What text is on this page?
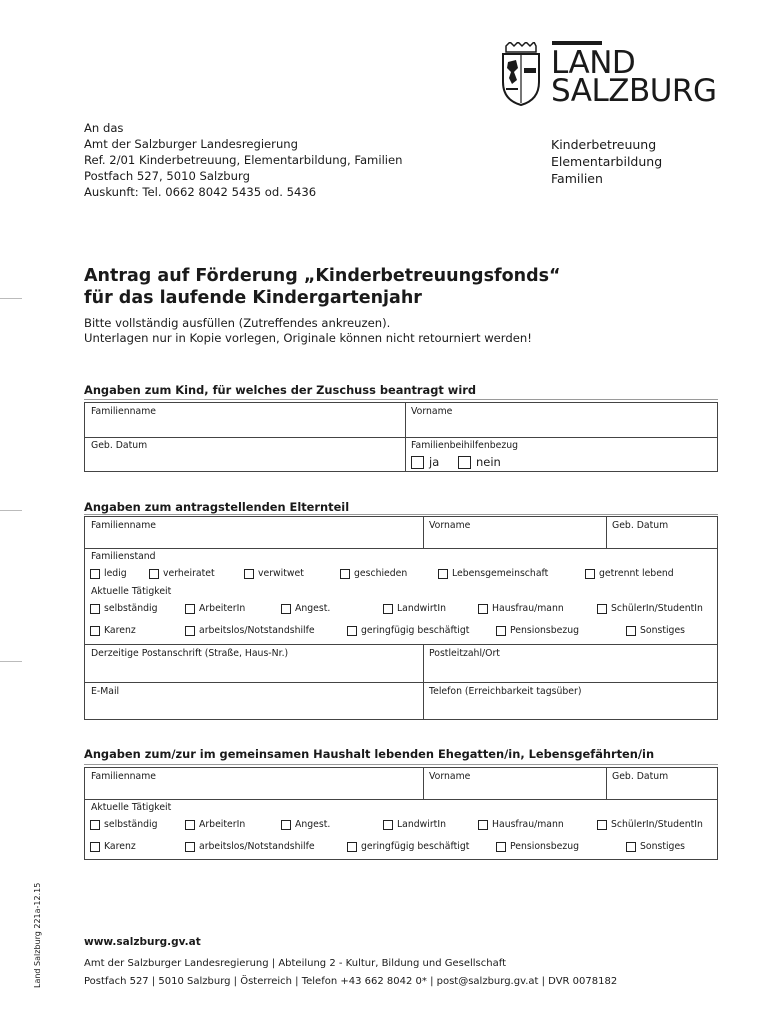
LAND
SALZBURG
An das
Amt der Salzburger Landesregierung
Ref. 2/01 Kinderbetreuung, Elementarbildung, Familien
Postfach 527, 5010 Salzburg
Auskunft: Tel. 0662 8042 5435 od. 5436
Kinderbetreuung
Elementarbildung
Familien
Antrag auf Förderung „Kinderbetreuungsfonds“
für das laufende Kindergartenjahr
Bitte vollständig ausfüllen (Zutreffendes ankreuzen).
Unterlagen nur in Kopie vorlegen, Originale können nicht retourniert werden!
Angaben zum Kind, für welches der Zuschuss beantragt wird
Familienname	Vorname
Geb. Datum	Familienbeihilfenbezug
ja	nein
Angaben zum antragstellenden Elternteil
Familienname	Vorname	Geb. Datum
Familienstand
ledig	verheiratet	verwitwet	geschieden	Lebensgemeinschaft	getrennt lebend
Aktuelle Tätigkeit
selbständig	ArbeiterIn	Angest.	LandwirtIn	Hausfrau/mann	SchülerIn/StudentIn
Karenz	arbeitslos/Notstandshilfe	geringfügig beschäftigt	Pensionsbezug	Sonstiges
Derzeitige Postanschrift (Straße, Haus-Nr.)	Postleitzahl/Ort
E-Mail	Telefon (Erreichbarkeit tagsüber)
Angaben zum/zur im gemeinsamen Haushalt lebenden Ehegatten/in, Lebensgefährten/in
Familienname	Vorname	Geb. Datum
Aktuelle Tätigkeit
selbständig	ArbeiterIn	Angest.	LandwirtIn	Hausfrau/mann	SchülerIn/StudentIn
Karenz	arbeitslos/Notstandshilfe	geringfügig beschäftigt	Pensionsbezug	Sonstiges
www.salzburg.gv.at
Amt der Salzburger Landesregierung | Abteilung 2 - Kultur, Bildung und Gesellschaft
Postfach 527 | 5010 Salzburg | Österreich | Telefon +43 662 8042 0* | post@salzburg.gv.at | DVR 0078182
Land Salzburg 221a-12.15
